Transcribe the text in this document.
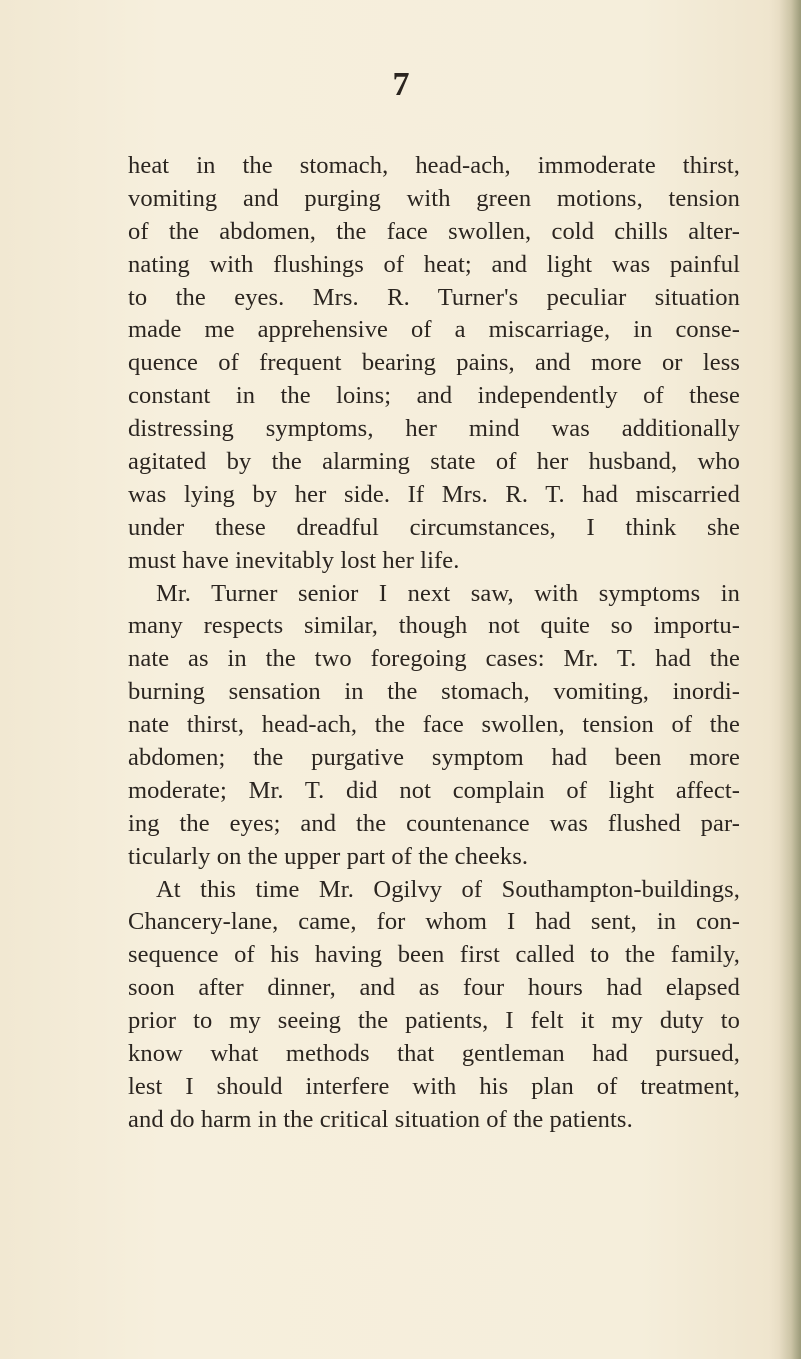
7
heat in the stomach, head-ach, immoderate thirst,
vomiting and purging with green motions, tension
of the abdomen, the face swollen, cold chills alter-
nating with flushings of heat; and light was painful
to the eyes. Mrs. R. Turner's peculiar situation
made me apprehensive of a miscarriage, in conse-
quence of frequent bearing pains, and more or less
constant in the loins; and independently of these
distressing symptoms, her mind was additionally
agitated by the alarming state of her husband, who
was lying by her side. If Mrs. R. T. had miscarried
under these dreadful circumstances, I think she
must have inevitably lost her life.
Mr. Turner senior I next saw, with symptoms in
many respects similar, though not quite so importu-
nate as in the two foregoing cases: Mr. T. had the
burning sensation in the stomach, vomiting, inordi-
nate thirst, head-ach, the face swollen, tension of the
abdomen; the purgative symptom had been more
moderate; Mr. T. did not complain of light affect-
ing the eyes; and the countenance was flushed par-
ticularly on the upper part of the cheeks.
At this time Mr. Ogilvy of Southampton-buildings,
Chancery-lane, came, for whom I had sent, in con-
sequence of his having been first called to the family,
soon after dinner, and as four hours had elapsed
prior to my seeing the patients, I felt it my duty to
know what methods that gentleman had pursued,
lest I should interfere with his plan of treatment,
and do harm in the critical situation of the patients.
